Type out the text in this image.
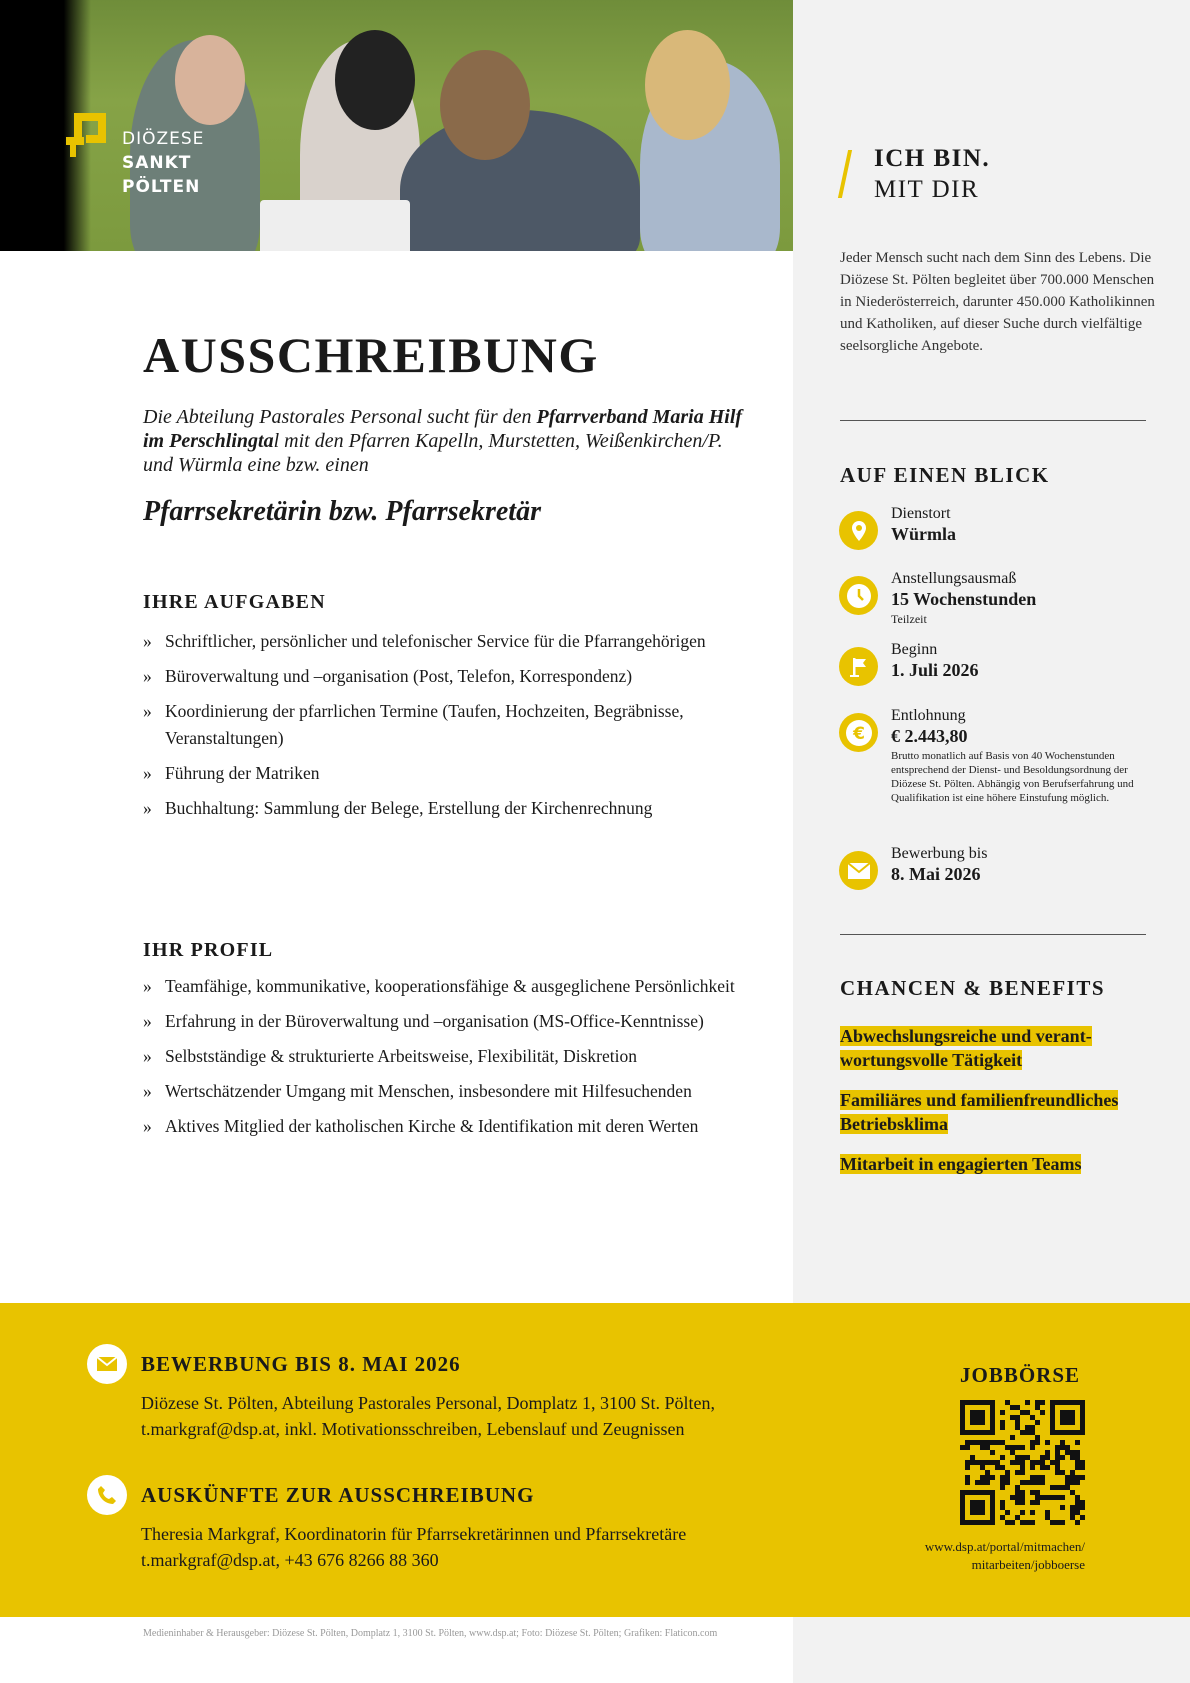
DIÖZESE
SANKT
PÖLTEN
ICH BIN.
MIT DIR
Jeder Mensch sucht nach dem Sinn des Lebens. Die Diözese St. Pölten begleitet über 700.000 Menschen in Niederösterreich, darunter 450.000 Katholikinnen und Katholiken, auf dieser Suche durch vielfältige seelsorgliche Angebote.
AUF EINEN BLICK
Dienstort
Würmla
Anstellungsausmaß
15 Wochenstunden
Teilzeit
Beginn
1. Juli 2026
€
Entlohnung
€ 2.443,80
Brutto monatlich auf Basis von 40 Wochenstunden entsprechend der Dienst- und Besoldungsordnung der Diözese St. Pölten. Abhängig von Berufserfahrung und Qualifikation ist eine höhere Einstufung möglich.
Bewerbung bis
8. Mai 2026
CHANCEN & BENEFITS
Abwechslungsreiche und verantwortungsvolle Tätigkeit
Familiäres und familienfreundliches Betriebsklima
Mitarbeit in engagierten Teams
AUSSCHREIBUNG
Die Abteilung Pastorales Personal sucht für den Pfarrverband Maria Hilf im Perschlingtal mit den Pfarren Kapelln, Murstetten, Weißenkirchen/P. und Würmla eine bzw. einen
Pfarrsekretärin bzw. Pfarrsekretär
IHRE AUFGABEN
» Schriftlicher, persönlicher und telefonischer Service für die Pfarrangehörigen
» Büroverwaltung und –organisation (Post, Telefon, Korrespondenz)
» Koordinierung der pfarrlichen Termine (Taufen, Hochzeiten, Begräbnisse, Veranstaltungen)
» Führung der Matriken
» Buchhaltung: Sammlung der Belege, Erstellung der Kirchenrechnung
IHR PROFIL
» Teamfähige, kommunikative, kooperationsfähige & ausgeglichene Persönlichkeit
» Erfahrung in der Büroverwaltung und –organisation (MS-Office-Kenntnisse)
» Selbstständige & strukturierte Arbeitsweise, Flexibilität, Diskretion
» Wertschätzender Umgang mit Menschen, insbesondere mit Hilfesuchenden
» Aktives Mitglied der katholischen Kirche & Identifikation mit deren Werten
BEWERBUNG BIS 8. MAI 2026
Diözese St. Pölten, Abteilung Pastorales Personal, Domplatz 1, 3100 St. Pölten,
t.markgraf@dsp.at, inkl. Motivationsschreiben, Lebenslauf und Zeugnissen
AUSKÜNFTE ZUR AUSSCHREIBUNG
Theresia Markgraf, Koordinatorin für Pfarrsekretärinnen und Pfarrsekretäre
t.markgraf@dsp.at, +43 676 8266 88 360
JOBBÖRSE
www.dsp.at/portal/mitmachen/
mitarbeiten/jobboerse
Medieninhaber & Herausgeber: Diözese St. Pölten, Domplatz 1, 3100 St. Pölten, www.dsp.at; Foto: Diözese St. Pölten; Grafiken: Flaticon.com
